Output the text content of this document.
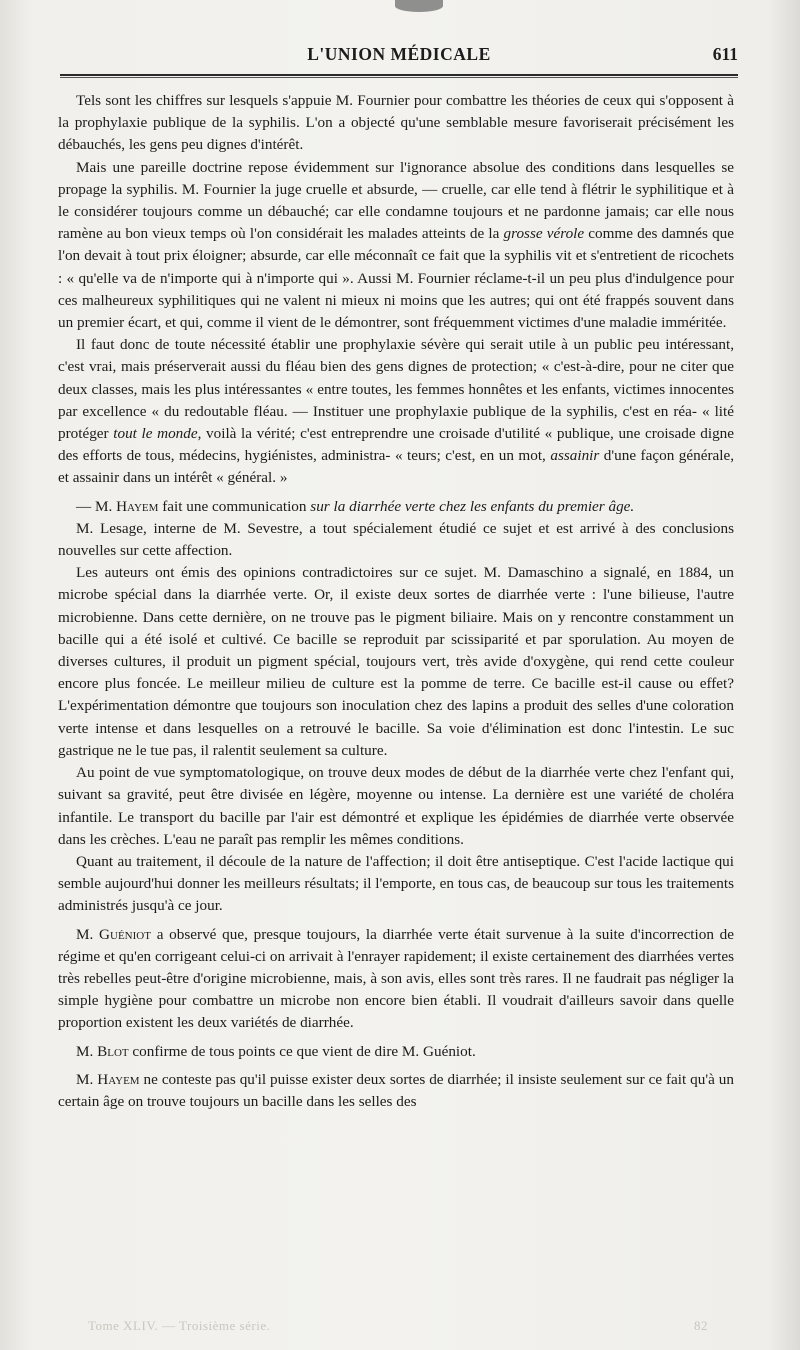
L'UNION MÉDICALE	611

Tels sont les chiffres sur lesquels s'appuie M. Fournier pour combattre les théories de ceux qui s'opposent à la prophylaxie publique de la syphilis. L'on a objecté qu'une semblable mesure favoriserait précisément les débauchés, les gens peu dignes d'intérêt.

Mais une pareille doctrine repose évidemment sur l'ignorance absolue des conditions dans lesquelles se propage la syphilis. M. Fournier la juge cruelle et absurde, — cruelle, car elle tend à flétrir le syphilitique et à le considérer toujours comme un débauché; car elle condamne toujours et ne pardonne jamais; car elle nous ramène au bon vieux temps où l'on considérait les malades atteints de la grosse vérole comme des damnés que l'on devait à tout prix éloigner; absurde, car elle méconnaît ce fait que la syphilis vit et s'entretient de ricochets : « qu'elle va de n'importe qui à n'importe qui ». Aussi M. Fournier réclame-t-il un peu plus d'indulgence pour ces malheureux syphilitiques qui ne valent ni mieux ni moins que les autres; qui ont été frappés souvent dans un premier écart, et qui, comme il vient de le démontrer, sont fréquemment victimes d'une maladie imméritée.

Il faut donc de toute nécessité établir une prophylaxie sévère qui serait utile à un public peu intéressant, c'est vrai, mais préserverait aussi du fléau bien des gens dignes de protection; « c'est-à-dire, pour ne citer que deux classes, mais les plus intéressantes « entre toutes, les femmes honnêtes et les enfants, victimes innocentes par excellence « du redoutable fléau. — Instituer une prophylaxie publique de la syphilis, c'est en réa- « lité protéger tout le monde, voilà la vérité; c'est entreprendre une croisade d'utilité « publique, une croisade digne des efforts de tous, médecins, hygiénistes, administra- « teurs; c'est, en un mot, assainir d'une façon générale, et assainir dans un intérêt « général. »

— M. Hayem fait une communication sur la diarrhée verte chez les enfants du premier âge.

M. Lesage, interne de M. Sevestre, a tout spécialement étudié ce sujet et est arrivé à des conclusions nouvelles sur cette affection.

Les auteurs ont émis des opinions contradictoires sur ce sujet. M. Damaschino a signalé, en 1884, un microbe spécial dans la diarrhée verte. Or, il existe deux sortes de diarrhée verte : l'une bilieuse, l'autre microbienne. Dans cette dernière, on ne trouve pas le pigment biliaire. Mais on y rencontre constamment un bacille qui a été isolé et cultivé. Ce bacille se reproduit par scissiparité et par sporulation. Au moyen de diverses cultures, il produit un pigment spécial, toujours vert, très avide d'oxygène, qui rend cette couleur encore plus foncée. Le meilleur milieu de culture est la pomme de terre. Ce bacille est-il cause ou effet? L'expérimentation démontre que toujours son inoculation chez des lapins a produit des selles d'une coloration verte intense et dans lesquelles on a retrouvé le bacille. Sa voie d'élimination est donc l'intestin. Le suc gastrique ne le tue pas, il ralentit seulement sa culture.

Au point de vue symptomatologique, on trouve deux modes de début de la diarrhée verte chez l'enfant qui, suivant sa gravité, peut être divisée en légère, moyenne ou intense. La dernière est une variété de choléra infantile. Le transport du bacille par l'air est démontré et explique les épidémies de diarrhée verte observée dans les crèches. L'eau ne paraît pas remplir les mêmes conditions.

Quant au traitement, il découle de la nature de l'affection; il doit être antiseptique. C'est l'acide lactique qui semble aujourd'hui donner les meilleurs résultats; il l'emporte, en tous cas, de beaucoup sur tous les traitements administrés jusqu'à ce jour.

M. Guéniot a observé que, presque toujours, la diarrhée verte était survenue à la suite d'incorrection de régime et qu'en corrigeant celui-ci on arrivait à l'enrayer rapidement; il existe certainement des diarrhées vertes très rebelles peut-être d'origine microbienne, mais, à son avis, elles sont très rares. Il ne faudrait pas négliger la simple hygiène pour combattre un microbe non encore bien établi. Il voudrait d'ailleurs savoir dans quelle proportion existent les deux variétés de diarrhée.

M. Blot confirme de tous points ce que vient de dire M. Guéniot.

M. Hayem ne conteste pas qu'il puisse exister deux sortes de diarrhée; il insiste seulement sur ce fait qu'à un certain âge on trouve toujours un bacille dans les selles des

Tome XLIV. — Troisième série.	82
